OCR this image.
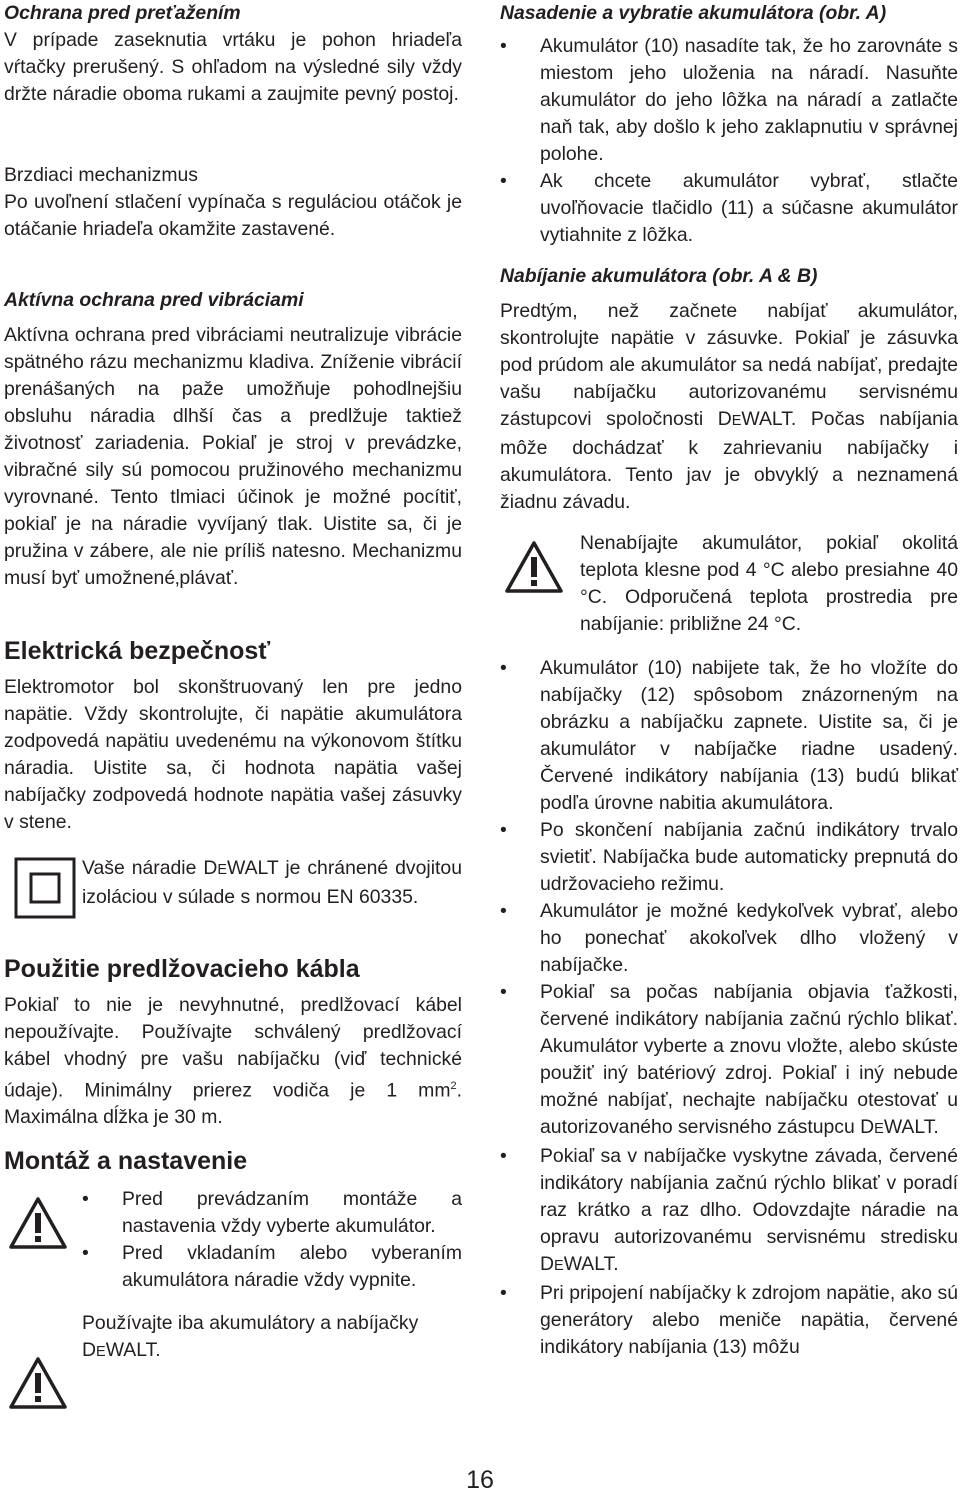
Ochrana pred preťažením

V prípade zaseknutia vrtáku je pohon hriadeľa vŕtačky prerušený. S ohľadom na výsledné sily vždy držte náradie oboma rukami a zaujmite pevný postoj.

Brzdiaci mechanizmus

Po uvoľnení stlačení vypínača s reguláciou otáčok je otáčanie hriadeľa okamžite zastavené.

Aktívna ochrana pred vibráciami

Aktívna ochrana pred vibráciami neutralizuje vibrácie spätného rázu mechanizmu kladiva. Zníženie vibrácií prenášaných na paže umožňuje pohodlnejšiu obsluhu náradia dlhší čas a predlžuje taktiež životnosť zariadenia. Pokiaľ je stroj v prevádzke, vibračné sily sú pomocou pružinového mechanizmu vyrovnané. Tento tlmiaci účinok je možné pocítiť, pokiaľ je na náradie vyvíjaný tlak. Uistite sa, či je pružina v zábere, ale nie príliš natesno. Mechanizmu musí byť umožnené‚plávať.

Elektrická bezpečnosť

Elektromotor bol skonštruovaný len pre jedno napätie. Vždy skontrolujte, či napätie akumulátora zodpovedá napätiu uvedenému na výkonovom štítku náradia. Uistite sa, či hodnota napätia vašej nabíjačky zodpovedá hodnote napätia vašej zásuvky v stene.

Vaše náradie DEWALT je chránené dvojitou izoláciou v súlade s normou EN 60335.

Použitie predlžovacieho kábla

Pokiaľ to nie je nevyhnutné, predlžovací kábel nepoužívajte. Používajte schválený predlžovací kábel vhodný pre vašu nabíjačku (viď technické údaje). Minimálny prierez vodiča je 1 $mm^2$. Maximálna dĺžka je 30 m.

Montáž a nastavenie

• Pred prevádzaním montáže a nastavenia vždy vyberte akumulátor.
• Pred vkladaním alebo vyberaním akumulátora náradie vždy vypnite.

Používajte iba akumulátory a nabíjačky DEWALT.

Nasadenie a vybratie akumulátora (obr. A)

• Akumulátor (10) nasadíte tak, že ho zarovnáte s miestom jeho uloženia na náradí. Nasuňte akumulátor do jeho lôžka na náradí a zatlačte naň tak, aby došlo k jeho zaklapnutiu v správnej polohe.
• Ak chcete akumulátor vybrať, stlačte uvoľňovacie tlačidlo (11) a súčasne akumulátor vytiahnite z lôžka.

Nabíjanie akumulátora (obr. A & B)

Predtým, než začnete nabíjať akumulátor, skontrolujte napätie v zásuvke. Pokiaľ je zásuvka pod prúdom ale akumulátor sa nedá nabíjať, predajte vašu nabíjačku autorizovanému servisnému zástupcovi spoločnosti DEWALT. Počas nabíjania môže dochádzať k zahrievaniu nabíjačky i akumulátora. Tento jav je obvyklý a neznamená žiadnu závadu.

Nenabíjajte akumulátor, pokiaľ okolitá teplota klesne pod 4 °C alebo presiahne 40 °C. Odporučená teplota prostredia pre nabíjanie: približne 24 °C.

• Akumulátor (10) nabijete tak, že ho vložíte do nabíjačky (12) spôsobom znázorneným na obrázku a nabíjačku zapnete. Uistite sa, či je akumulátor v nabíjačke riadne usadený. Červené indikátory nabíjania (13) budú blikať podľa úrovne nabitia akumulátora.
• Po skončení nabíjania začnú indikátory trvalo svietiť. Nabíjačka bude automaticky prepnutá do udržovacieho režimu.
• Akumulátor je možné kedykoľvek vybrať, alebo ho ponechať akokoľvek dlho vložený v nabíjačke.
• Pokiaľ sa počas nabíjania objavia ťažkosti, červené indikátory nabíjania začnú rýchlo blikať. Akumulátor vyberte a znovu vložte, alebo skúste použiť iný batériový zdroj. Pokiaľ i iný nebude možné nabíjať, nechajte nabíjačku otestovať u autorizovaného servisného zástupcu DEWALT.
• Pokiaľ sa v nabíjačke vyskytne závada, červené indikátory nabíjania začnú rýchlo blikať v poradí raz krátko a raz dlho. Odovzdajte náradie na opravu autorizovanému servisnému stredisku DEWALT.
• Pri pripojení nabíjačky k zdrojom napätie, ako sú generátory alebo meniče napätia, červené indikátory nabíjania (13) môžu
16
